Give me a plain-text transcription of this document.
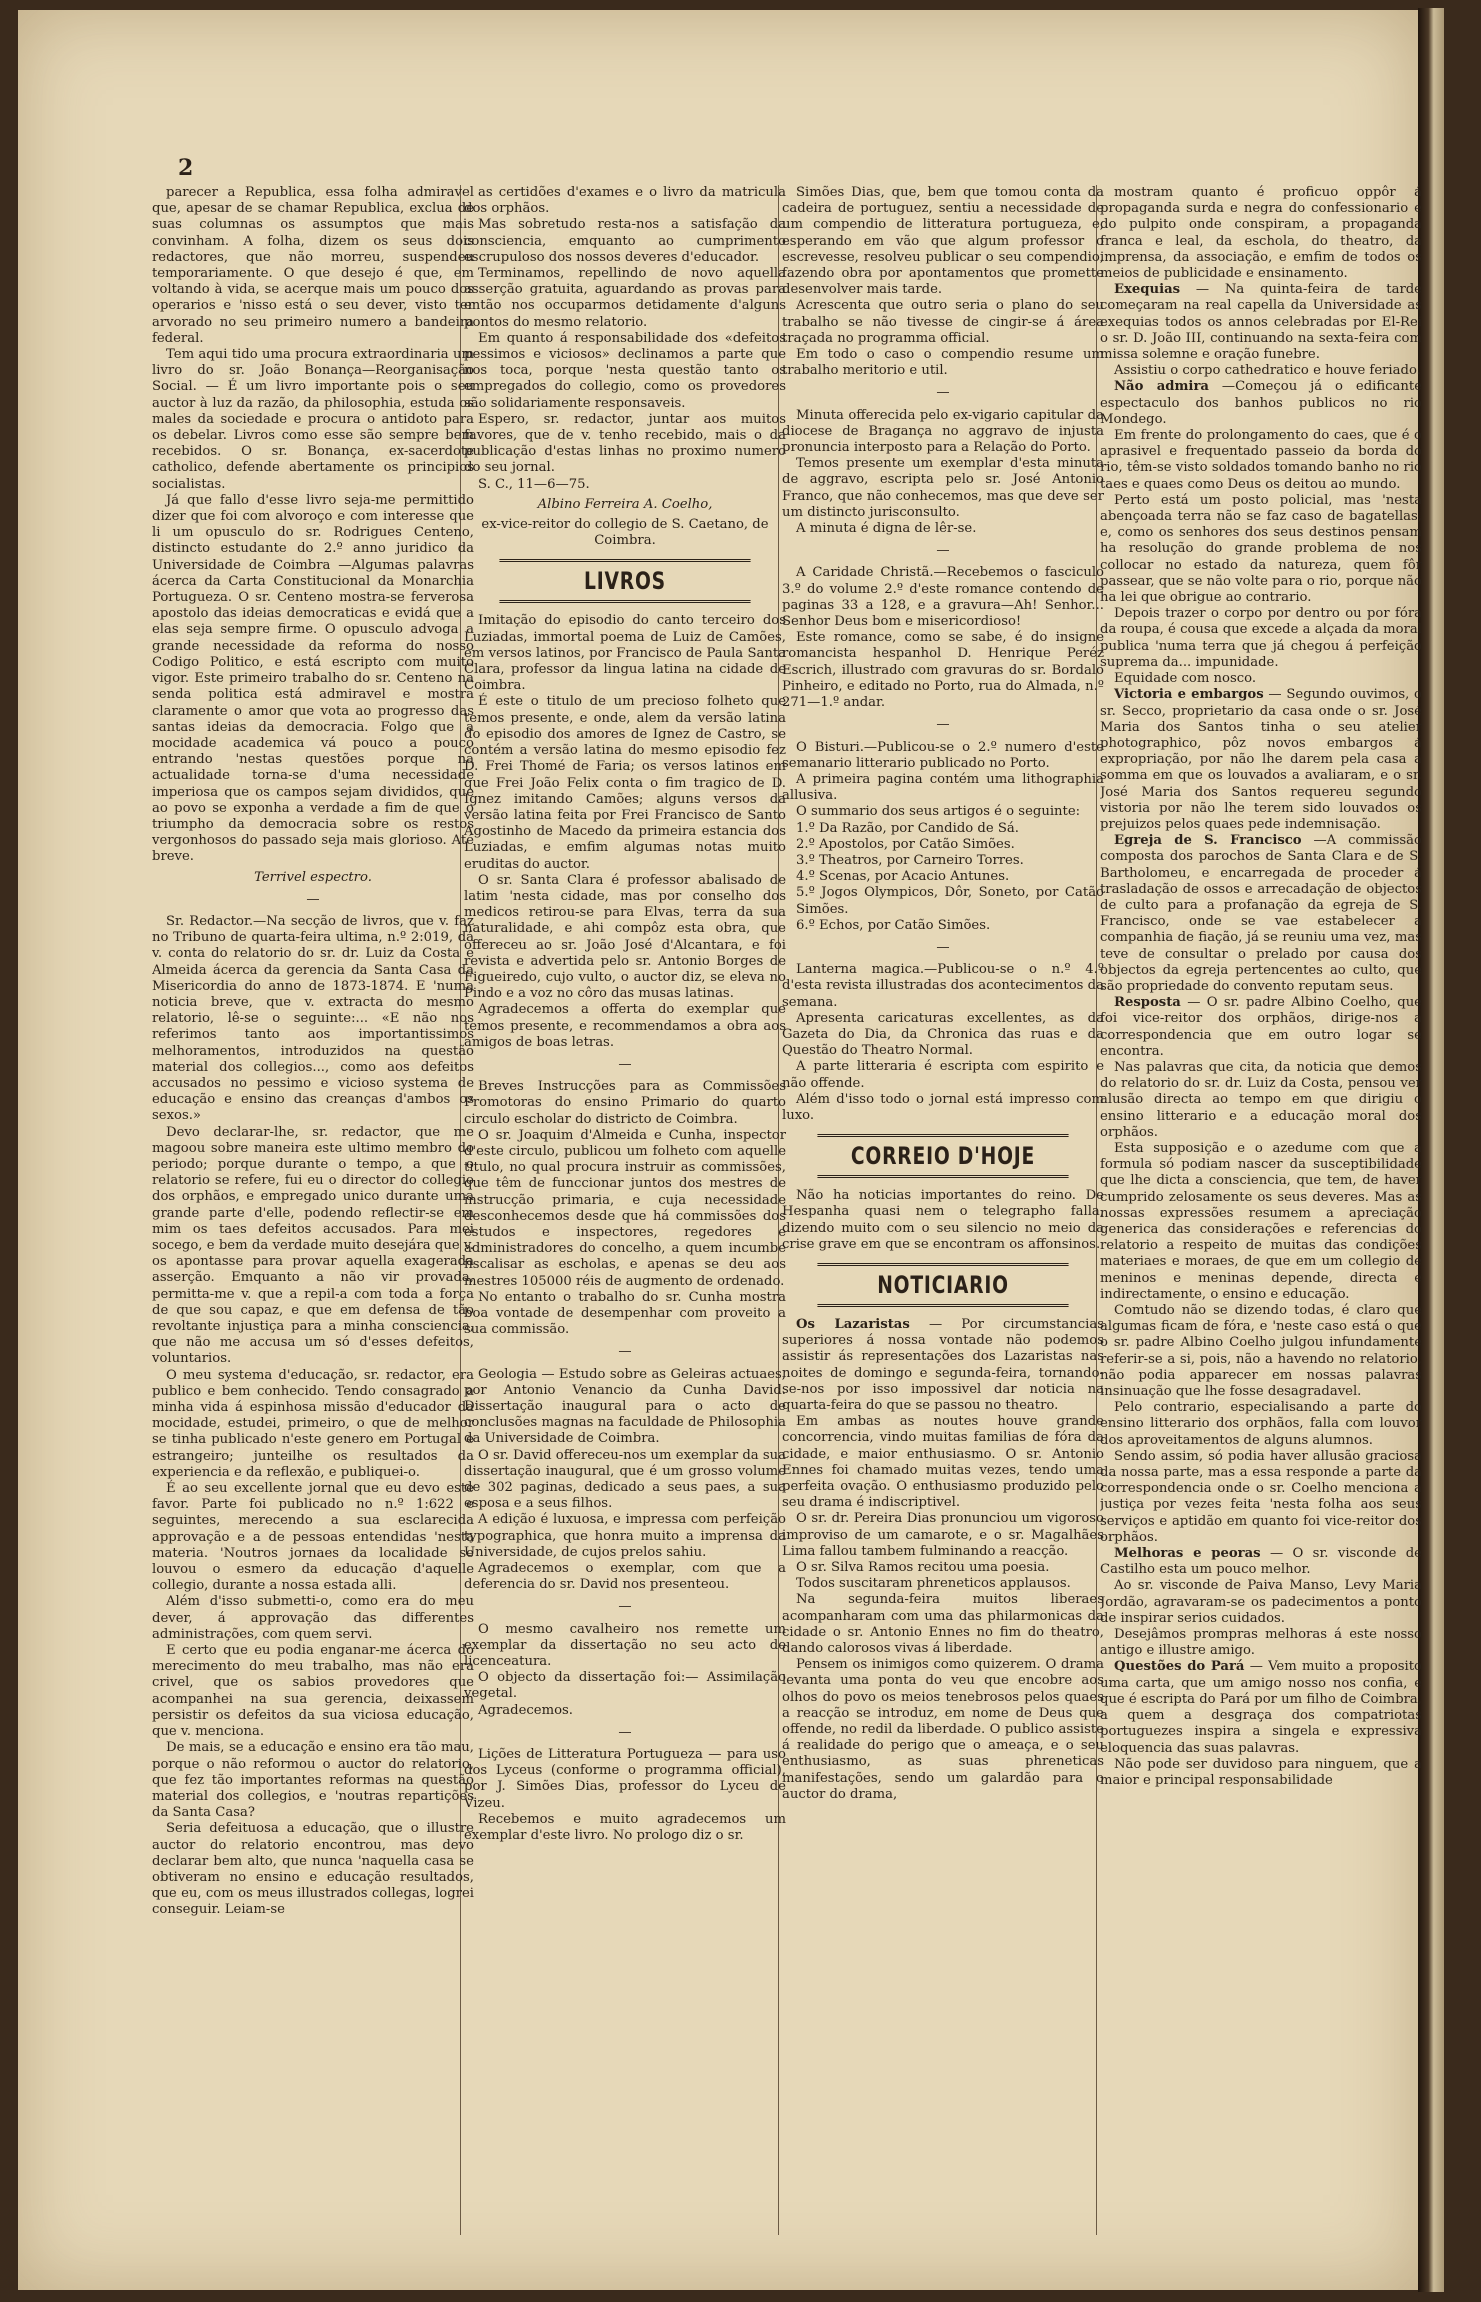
2

parecer a Republica, essa folha admiravel que, apesar de se chamar Republica, exclua de suas columnas os assumptos que mais convinham. A folha, dizem os seus dois redactores, que não morreu, suspendeu temporariamente. O que desejo é que, em voltando à vida, se acerque mais um pouco dos operarios e 'nisso está o seu dever, visto ter arvorado no seu primeiro numero a bandeira federal.

Tem aqui tido uma procura extraordinaria um livro do sr. João Bonança—Reorganisação Social. — É um livro importante pois o seu auctor à luz da razão, da philosophia, estuda os males da sociedade e procura o antidoto para os debelar. Livros como esse são sempre bem recebidos. O sr. Bonança, ex-sacerdote catholico, defende abertamente os principios socialistas.

Já que fallo d'esse livro seja-me permittido dizer que foi com alvoroço e com interesse que li um opusculo do sr. Rodrigues Centeno, distincto estudante do 2.º anno juridico da Universidade de Coimbra —Algumas palavras ácerca da Carta Constitucional da Monarchia Portugueza. O sr. Centeno mostra-se ferverosa apostolo das ideias democraticas e evidá que a elas seja sempre firme. O opusculo advoga a grande necessidade da reforma do nosso Codigo Politico, e está escripto com muito vigor. Este primeiro trabalho do sr. Centeno na senda politica está admiravel e mostra claramente o amor que vota ao progresso das santas ideias da democracia. Folgo que a mocidade academica vá pouco a pouco entrando 'nestas questões porque na actualidade torna-se d'uma necessidade imperiosa que os campos sejam divididos, que ao povo se exponha a verdade a fim de que o triumpho da democracia sobre os restos vergonhosos do passado seja mais glorioso. Até breve.

Terrivel espectro.

—

Sr. Redactor.—Na secção de livros, que v. faz no Tribuno de quarta-feira ultima, n.º 2:019, dá v. conta do relatorio do sr. dr. Luiz da Costa e Almeida ácerca da gerencia da Santa Casa da Misericordia do anno de 1873-1874. E 'numa noticia breve, que v. extracta do mesmo relatorio, lê-se o seguinte:... «E não nos referimos tanto aos importantissimos melhoramentos, introduzidos na questão material dos collegios..., como aos defeitos accusados no pessimo e vicioso systema de educação e ensino das creanças d'ambos os sexos.»

Devo declarar-lhe, sr. redactor, que me magoou sobre maneira este ultimo membro do periodo; porque durante o tempo, a que o relatorio se refere, fui eu o director do collegio dos orphãos, e empregado unico durante uma grande parte d'elle, podendo reflectir-se em mim os taes defeitos accusados. Para mei socego, e bem da verdade muito desejára que v. os apontasse para provar aquella exagerada asserção. Emquanto a não vir provada, permitta-me v. que a repil-a com toda a força de que sou capaz, e que em defensa de tão revoltante injustiça para a minha consciencia, que não me accusa um só d'esses defeitos, voluntarios.

O meu systema d'educação, sr. redactor, era publico e bem conhecido. Tendo consagrado a minha vida á espinhosa missão d'educador da mocidade, estudei, primeiro, o que de melhor se tinha publicado n'este genero em Portugal e estrangeiro; junteilhe os resultados da experiencia e da reflexão, e publiquei-o.

É ao seu excellente jornal que eu devo este favor. Parte foi publicado no n.º 1:622 e seguintes, merecendo a sua esclarecida approvação e a de pessoas entendidas 'nesta materia. 'Noutros jornaes da localidade se louvou o esmero da educação d'aquelle collegio, durante a nossa estada alli.

Além d'isso submetti-o, como era do meu dever, á approvação das differentes administrações, com quem servi.

E certo que eu podia enganar-me ácerca do merecimento do meu trabalho, mas não era crivel, que os sabios provedores que acompanhei na sua gerencia, deixassem persistir os defeitos da sua viciosa educação, que v. menciona.

De mais, se a educação e ensino era tão mau, porque o não reformou o auctor do relatorio, que fez tão importantes reformas na questão material dos collegios, e 'noutras repartições da Santa Casa?

Seria defeituosa a educação, que o illustre auctor do relatorio encontrou, mas devo declarar bem alto, que nunca 'naquella casa se obtiveram no ensino e educação resultados, que eu, com os meus illustrados collegas, logrei conseguir. Leiam-se

as certidões d'exames e o livro da matricula dos orphãos.

Mas sobretudo resta-nos a satisfação da consciencia, emquanto ao cumprimento escrupuloso dos nossos deveres d'educador.

Terminamos, repellindo de novo aquella asserção gratuita, aguardando as provas para então nos occuparmos detidamente d'alguns pontos do mesmo relatorio.

Em quanto á responsabilidade dos «defeitos pessimos e viciosos» declinamos a parte que nos toca, porque 'nesta questão tanto os empregados do collegio, como os provedores são solidariamente responsaveis.

Espero, sr. redactor, juntar aos muitos favores, que de v. tenho recebido, mais o da publicação d'estas linhas no proximo numero do seu jornal.

S. C., 11—6—75.

Albino Ferreira A. Coelho,

ex-vice-reitor do collegio de S. Caetano, de Coimbra.

LIVROS

Imitação do episodio do canto terceiro dos Luziadas, immortal poema de Luiz de Camões, em versos latinos, por Francisco de Paula Santa Clara, professor da lingua latina na cidade de Coimbra.

É este o titulo de um precioso folheto que temos presente, e onde, alem da versão latina do episodio dos amores de Ignez de Castro, se contém a versão latina do mesmo episodio fez D. Frei Thomé de Faria; os versos latinos em que Frei João Felix conta o fim tragico de D. Ignez imitando Camões; alguns versos da versão latina feita por Frei Francisco de Santo Agostinho de Macedo da primeira estancia dos Luziadas, e emfim algumas notas muito eruditas do auctor.

O sr. Santa Clara é professor abalisado de latim 'nesta cidade, mas por conselho dos medicos retirou-se para Elvas, terra da sua naturalidade, e ahi compôz esta obra, que offereceu ao sr. João José d'Alcantara, e foi revista e advertida pelo sr. Antonio Borges de Figueiredo, cujo vulto, o auctor diz, se eleva no Pindo e a voz no côro das musas latinas.

Agradecemos a offerta do exemplar que temos presente, e recommendamos a obra aos amigos de boas letras.

—

Breves Instrucções para as Commissões Promotoras do ensino Primario do quarto circulo escholar do districto de Coimbra.

O sr. Joaquim d'Almeida e Cunha, inspector d'este circulo, publicou um folheto com aquelle titulo, no qual procura instruir as commissões, que têm de funccionar juntos dos mestres de instrucção primaria, e cuja necessidade desconhecemos desde que há commissões dos estudos e inspectores, regedores e administradores do concelho, a quem incumbe fiscalisar as escholas, e apenas se deu aos mestres 105000 réis de augmento de ordenado.

No entanto o trabalho do sr. Cunha mostra boa vontade de desempenhar com proveito a sua commissão.

—

Geologia — Estudo sobre as Geleiras actuaes, por Antonio Venancio da Cunha David. Dissertação inaugural para o acto de conclusões magnas na faculdade de Philosophia da Universidade de Coimbra.

O sr. David offereceu-nos um exemplar da sua dissertação inaugural, que é um grosso volume de 302 paginas, dedicado a seus paes, a sua esposa e a seus filhos.

A edição é luxuosa, e impressa com perfeição typographica, que honra muito a imprensa da Universidade, de cujos prelos sahiu.

Agradecemos o exemplar, com que a deferencia do sr. David nos presenteou.

—

O mesmo cavalheiro nos remette um exemplar da dissertação no seu acto de licenceatura.

O objecto da dissertação foi:— Assimilação vegetal.

Agradecemos.

—

Lições de Litteratura Portugueza — para uso dos Lyceus (conforme o programma official), por J. Simões Dias, professor do Lyceu de Vizeu.

Recebemos e muito agradecemos um exemplar d'este livro. No prologo diz o sr.

Simões Dias, que, bem que tomou conta da cadeira de portuguez, sentiu a necessidade de um compendio de litteratura portugueza, e, esperando em vão que algum professor o escrevesse, resolveu publicar o seu compendio, fazendo obra por apontamentos que promette desenvolver mais tarde.

Acrescenta que outro seria o plano do seu trabalho se não tivesse de cingir-se á área traçada no programma official.

Em todo o caso o compendio resume um trabalho meritorio e util.

—

Minuta offerecida pelo ex-vigario capitular da diocese de Bragança no aggravo de injusta pronuncia interposto para a Relação do Porto.

Temos presente um exemplar d'esta minuta de aggravo, escripta pelo sr. José Antonio Franco, que não conhecemos, mas que deve ser um distincto jurisconsulto.

A minuta é digna de lêr-se.

—

A Caridade Christã.—Recebemos o fasciculo 3.º do volume 2.º d'este romance contendo de paginas 33 a 128, e a gravura—Ah! Senhor... Senhor Deus bom e misericordioso!

Este romance, como se sabe, é do insigne romancista hespanhol D. Henrique Peréz Escrich, illustrado com gravuras do sr. Bordalo Pinheiro, e editado no Porto, rua do Almada, n.º 271—1.º andar.

—

O Bisturi.—Publicou-se o 2.º numero d'este semanario litterario publicado no Porto.

A primeira pagina contém uma lithographia allusiva.

O summario dos seus artigos é o seguinte:

1.º Da Razão, por Candido de Sá.
2.º Apostolos, por Catão Simões.
3.º Theatros, por Carneiro Torres.
4.º Scenas, por Acacio Antunes.
5.º Jogos Olympicos, Dôr, Soneto, por Catão Simões.
6.º Echos, por Catão Simões.
—

Lanterna magica.—Publicou-se o n.º 4.º d'esta revista illustradas dos acontecimentos da semana.

Apresenta caricaturas excellentes, as da Gazeta do Dia, da Chronica das ruas e da Questão do Theatro Normal.

A parte litteraria é escripta com espirito e não offende.

Além d'isso todo o jornal está impresso com luxo.

CORREIO D'HOJE

Não ha noticias importantes do reino. De Hespanha quasi nem o telegrapho falla, dizendo muito com o seu silencio no meio da crise grave em que se encontram os affonsinos.

NOTICIARIO

Os Lazaristas — Por circumstancias superiores á nossa vontade não podemos assistir ás representações dos Lazaristas nas noites de domingo e segunda-feira, tornando-se-nos por isso impossivel dar noticia na quarta-feira do que se passou no theatro.

Em ambas as noutes houve grande concorrencia, vindo muitas familias de fóra da cidade, e maior enthusiasmo. O sr. Antonio Ennes foi chamado muitas vezes, tendo uma perfeita ovação. O enthusiasmo produzido pelo seu drama é indiscriptivel.

O sr. dr. Pereira Dias pronunciou um vigoroso improviso de um camarote, e o sr. Magalhães Lima fallou tambem fulminando a reacção.

O sr. Silva Ramos recitou uma poesia.

Todos suscitaram phreneticos applausos.

Na segunda-feira muitos liberaes acompanharam com uma das philarmonicas da cidade o sr. Antonio Ennes no fim do theatro, dando calorosos vivas á liberdade.

Pensem os inimigos como quizerem. O drama levanta uma ponta do veu que encobre aos olhos do povo os meios tenebrosos pelos quaes a reacção se introduz, em nome de Deus que offende, no redil da liberdade. O publico assiste á realidade do perigo que o ameaça, e o seu enthusiasmo, as suas phreneticas manifestações, sendo um galardão para o auctor do drama,

mostram quanto é proficuo oppôr á propaganda surda e negra do confessionario e do pulpito onde conspiram, a propaganda franca e leal, da eschola, do theatro, da imprensa, da associação, e emfim de todos os meios de publicidade e ensinamento.

Exequias — Na quinta-feira de tarde começaram na real capella da Universidade as exequias todos os annos celebradas por El-Rei o sr. D. João III, continuando na sexta-feira com missa solemne e oração funebre.

Assistiu o corpo cathedratico e houve feriado.

Não admira —Começou já o edificante espectaculo dos banhos publicos no rio Mondego.

Em frente do prolongamento do caes, que é o aprasivel e frequentado passeio da borda do rio, têm-se visto soldados tomando banho no rio taes e quaes como Deus os deitou ao mundo.

Perto está um posto policial, mas 'nesta abençoada terra não se faz caso de bagatellas, e, como os senhores dos seus destinos pensam ha resolução do grande problema de nos collocar no estado da natureza, quem fôr passear, que se não volte para o rio, porque não ha lei que obrigue ao contrario.

Depois trazer o corpo por dentro ou por fóra da roupa, é cousa que excede a alçada da moral publica 'numa terra que já chegou á perfeição suprema da... impunidade.

Equidade com nosco.

Victoria e embargos — Segundo ouvimos, o sr. Secco, proprietario da casa onde o sr. José Maria dos Santos tinha o seu atelier photographico, pôz novos embargos á expropriação, por não lhe darem pela casa a somma em que os louvados a avaliaram, e o sr. José Maria dos Santos requereu segundo vistoria por não lhe terem sido louvados os prejuizos pelos quaes pede indemnisação.

Egreja de S. Francisco —A commissão composta dos parochos de Santa Clara e de S. Bartholomeu, e encarregada de proceder á trasladação de ossos e arrecadação de objectos de culto para a profanação da egreja de S. Francisco, onde se vae estabelecer a companhia de fiação, já se reuniu uma vez, mas teve de consultar o prelado por causa dos objectos da egreja pertencentes ao culto, que são propriedade do convento reputam seus.

Resposta — O sr. padre Albino Coelho, que foi vice-reitor dos orphãos, dirige-nos a correspondencia que em outro logar se encontra.

Nas palavras que cita, da noticia que demos do relatorio do sr. dr. Luiz da Costa, pensou ver alusão directa ao tempo em que dirigiu o ensino litterario e a educação moral dos orphãos.

Esta supposição e o azedume com que a formula só podiam nascer da susceptibilidade que lhe dicta a consciencia, que tem, de haver cumprido zelosamente os seus deveres. Mas as nossas expressões resumem a apreciação generica das considerações e referencias do relatorio a respeito de muitas das condições materiaes e moraes, de que em um collegio de meninos e meninas depende, directa e indirectamente, o ensino e educação.

Comtudo não se dizendo todas, é claro que algumas ficam de fóra, e 'neste caso está o que o sr. padre Albino Coelho julgou infundamente referir-se a si, pois, não a havendo no relatorio, não podia apparecer em nossas palavras insinuação que lhe fosse desagradavel.

Pelo contrario, especialisando a parte do ensino litterario dos orphãos, falla com louvor dos aproveitamentos de alguns alumnos.

Sendo assim, só podia haver allusão graciosa da nossa parte, mas a essa responde a parte da correspondencia onde o sr. Coelho menciona a justiça por vezes feita 'nesta folha aos seus serviços e aptidão em quanto foi vice-reitor dos orphãos.

Melhoras e peoras — O sr. visconde de Castilho esta um pouco melhor.

Ao sr. visconde de Paiva Manso, Levy Maria Jordão, agravaram-se os padecimentos a ponto de inspirar serios cuidados.

Desejâmos prompras melhoras á este nosso antigo e illustre amigo.

Questões do Pará — Vem muito a proposito uma carta, que um amigo nosso nos confia, e que é escripta do Pará por um filho de Coimbra, a quem a desgraça dos compatriotas portuguezes inspira a singela e expressiva eloquencia das suas palavras.

Não pode ser duvidoso para ninguem, que a maior e principal responsabilidade
